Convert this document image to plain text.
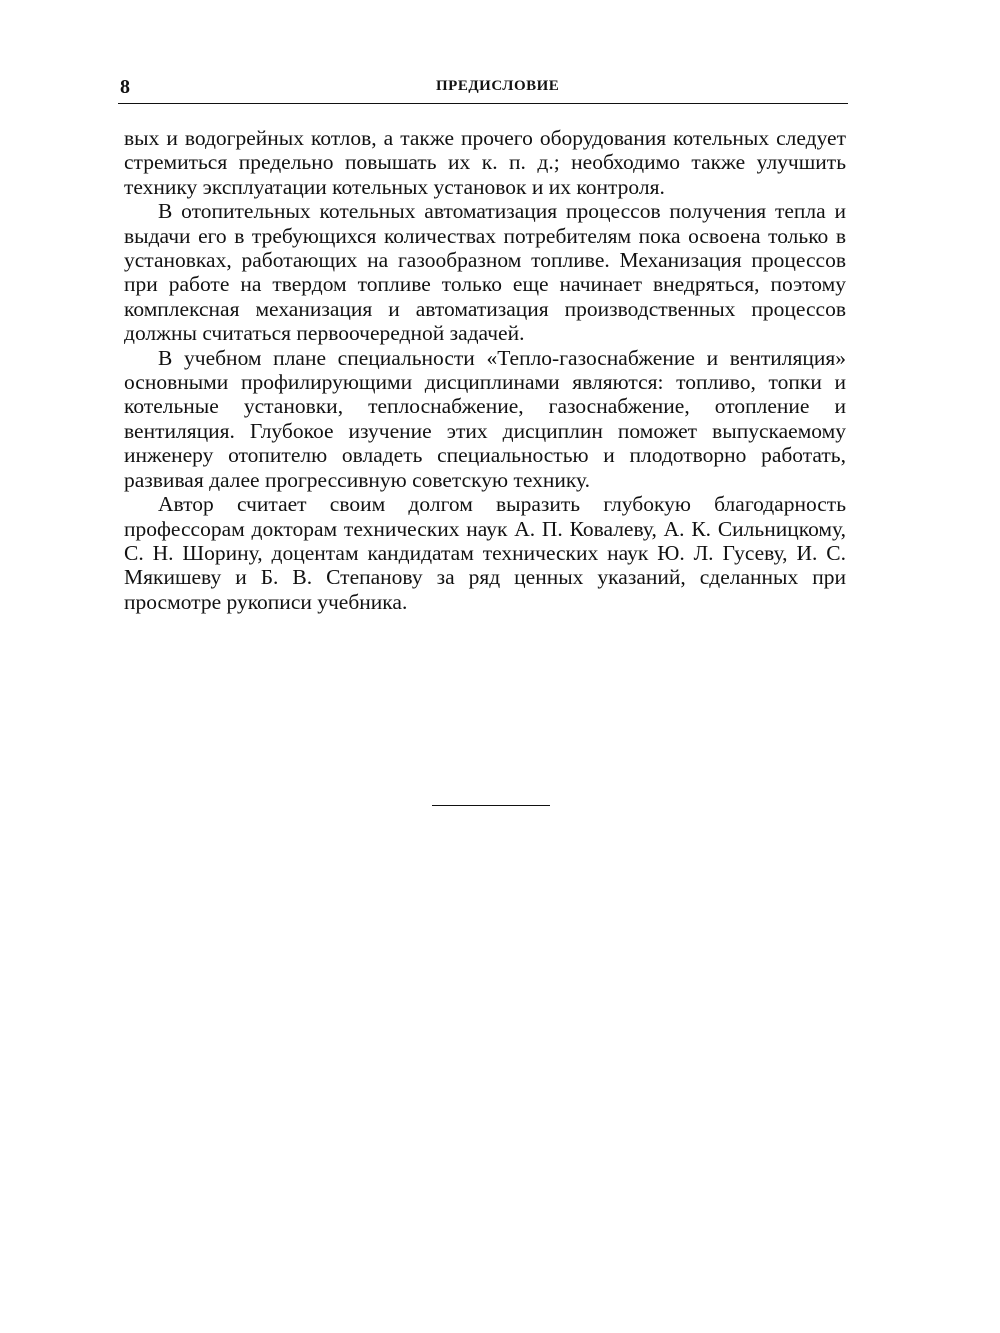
8	ПРЕДИСЛОВИЕ

вых и водогрейных котлов, а также прочего оборудования котельных следует стремиться предельно повышать их к. п. д.; необходимо также улучшить технику эксплуатации котельных установок и их контроля.

В отопительных котельных автоматизация процессов получения тепла и выдачи его в требующихся количествах потребителям пока освоена только в установках, работающих на газообразном топливе. Механизация процессов при работе на твердом топливе только еще начинает внедряться, поэтому комплексная механизация и автоматизация производственных процессов должны считаться первоочередной задачей.

В учебном плане специальности «Тепло-газоснабжение и вентиляция» основными профилирующими дисциплинами являются: топливо, топки и котельные установки, теплоснабжение, газоснабжение, отопление и вентиляция. Глубокое изучение этих дисциплин поможет выпускаемому инженеру отопителю овладеть специальностью и плодотворно работать, развивая далее прогрессивную советскую технику.

Автор считает своим долгом выразить глубокую благодарность профессорам докторам технических наук А. П. Ковалеву, А. К. Сильницкому, С. Н. Шорину, доцентам кандидатам технических наук Ю. Л. Гусеву, И. С. Мякишеву и Б. В. Степанову за ряд ценных указаний, сделанных при просмотре рукописи учебника.
